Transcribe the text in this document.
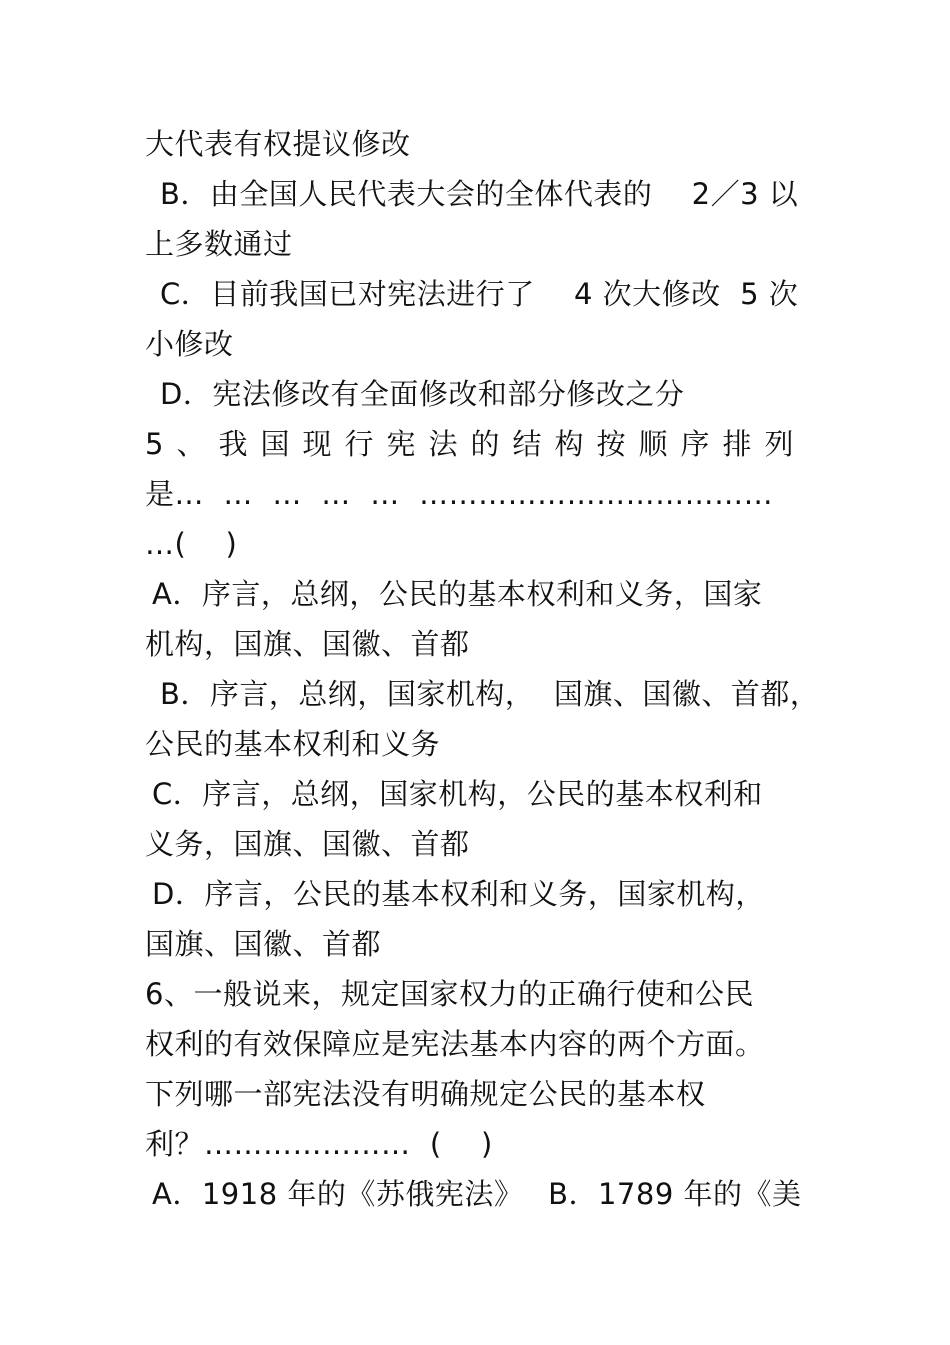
大代表有权提议修改
B．由全国人民代表大会的全体代表的　 2／3 以
上多数通过
C．目前我国已对宪法进行了　 4 次大修改  5 次
小修改
D．宪法修改有全面修改和部分修改之分
5、我国现行宪法的结构按顺序排列
是…  …  …  …  …  ………………………………
…(　 )
A．序言，总纲，公民的基本权利和义务，国家
机构，国旗、国徽、首都
B．序言，总纲，国家机构，  国旗、国徽、首都，
公民的基本权利和义务
C．序言，总纲，国家机构，公民的基本权利和
义务，国旗、国徽、首都
D．序言，公民的基本权利和义务，国家机构，
国旗、国徽、首都
6、一般说来，规定国家权力的正确行使和公民
权利的有效保障应是宪法基本内容的两个方面。
下列哪一部宪法没有明确规定公民的基本权
利？…………………  (　 )
A．1918 年的《苏俄宪法》　 B．1789 年的《美
